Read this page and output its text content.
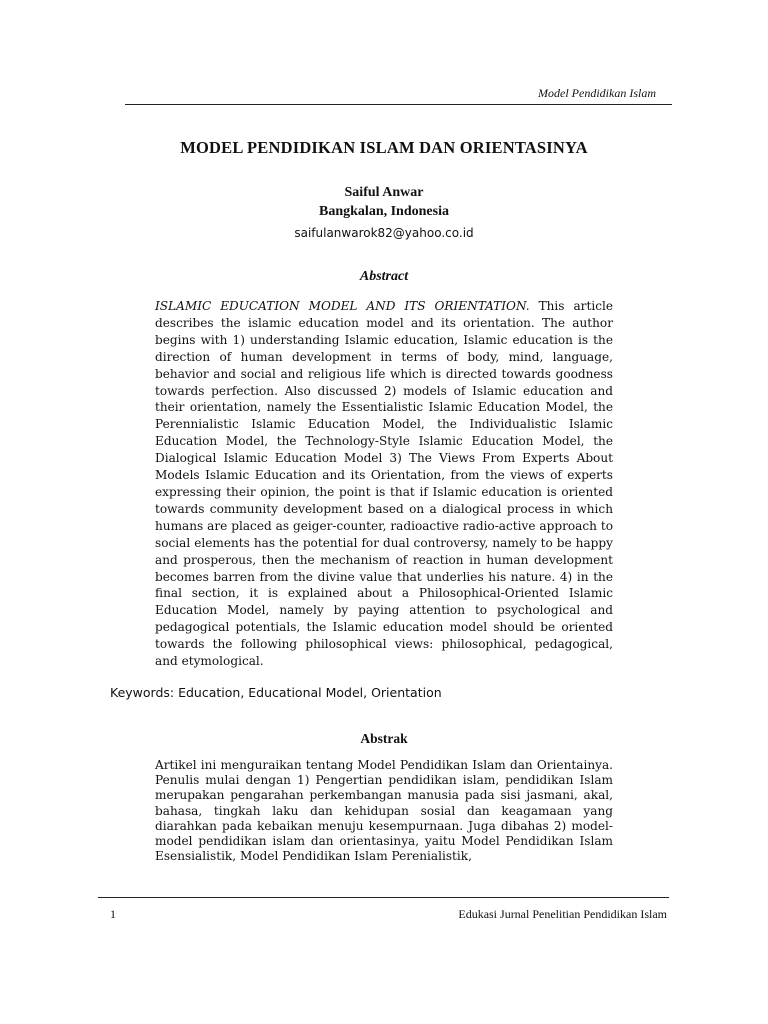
Model Pendidikan Islam
MODEL PENDIDIKAN ISLAM DAN ORIENTASINYA
Saiful Anwar
Bangkalan, Indonesia
saifulanwarok82@yahoo.co.id
Abstract

ISLAMIC EDUCATION MODEL AND ITS ORIENTATION. This article describes the islamic education model and its orientation. The author begins with 1) understanding Islamic education, Islamic education is the direction of human development in terms of body, mind, language, behavior and social and religious life which is directed towards goodness towards perfection. Also discussed 2) models of Islamic education and their orientation, namely the Essentialistic Islamic Education Model, the Perennialistic Islamic Education Model, the Individualistic Islamic Education Model, the Technology-Style Islamic Education Model, the Dialogical Islamic Education Model 3) The Views From Experts About Models Islamic Education and its Orientation, from the views of experts expressing their opinion, the point is that if Islamic education is oriented towards community development based on a dialogical process in which humans are placed as geiger-counter, radioactive radio-active approach to social elements has the potential for dual controversy, namely to be happy and prosperous, then the mechanism of reaction in human development becomes barren from the divine value that underlies his nature. 4) in the final section, it is explained about a Philosophical-Oriented Islamic Education Model, namely by paying attention to psychological and pedagogical potentials, the Islamic education model should be oriented towards the following philosophical views: philosophical, pedagogical, and etymological.

Keywords: Education, Educational Model, Orientation
Abstrak

Artikel ini menguraikan tentang Model Pendidikan Islam dan Orientainya. Penulis mulai dengan 1) Pengertian pendidikan islam, pendidikan Islam merupakan pengarahan perkembangan manusia pada sisi jasmani, akal, bahasa, tingkah laku dan kehidupan sosial dan keagamaan yang diarahkan pada kebaikan menuju kesempurnaan. Juga dibahas 2) model-model pendidikan islam dan orientasinya, yaitu Model Pendidikan Islam Esensialistik, Model Pendidikan Islam Perenialistik,

1	Edukasi Jurnal Penelitian Pendidikan Islam
